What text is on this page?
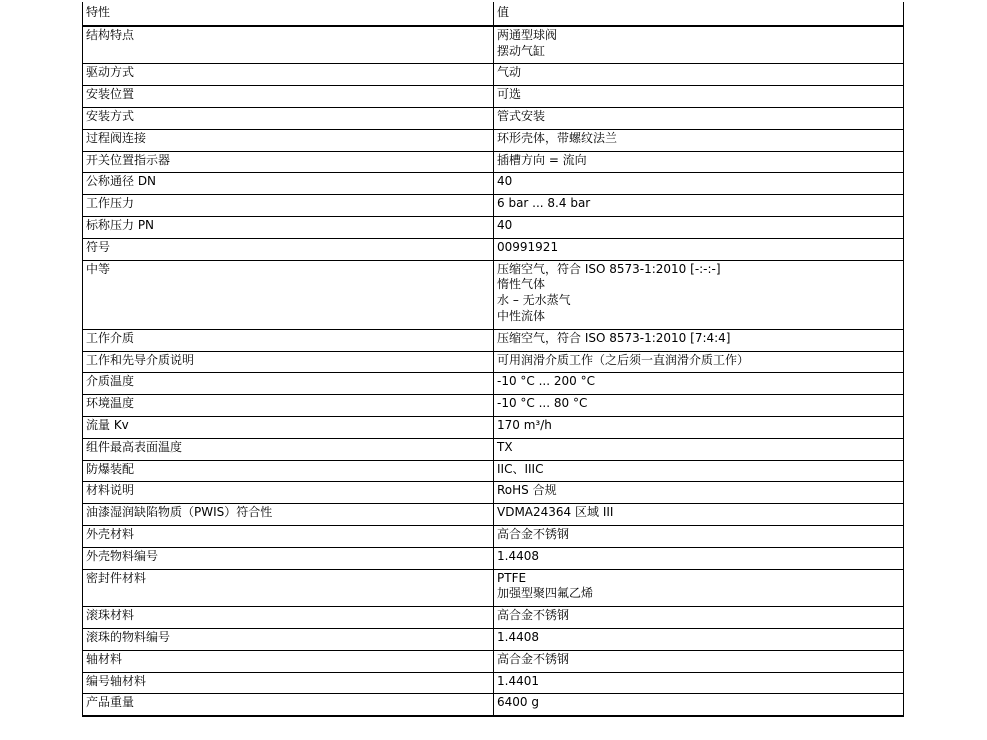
特性	值
结构特点	两通型球阀
摆动气缸

驱动方式	气动

安装位置	可选

安装方式	管式安装

过程阀连接	环形壳体，带螺纹法兰

开关位置指示器	插槽方向 = 流向

公称通径 DN	40

工作压力	6 bar ... 8.4 bar

标称压力 PN	40

符号	00991921

中等	压缩空气，符合 ISO 8573-1:2010 [-:-:-]
惰性气体
水 – 无水蒸气
中性流体

工作介质	压缩空气，符合 ISO 8573-1:2010 [7:4:4]

工作和先导介质说明	可用润滑介质工作（之后须一直润滑介质工作）

介质温度	-10 °C ... 200 °C

环境温度	-10 °C ... 80 °C

流量 Kv	170 m³/h

组件最高表面温度	TX

防爆装配	IIC、IIIC

材料说明	RoHS 合规

油漆湿润缺陷物质（PWIS）符合性	VDMA24364 区域 III

外壳材料	高合金不锈钢

外壳物料编号	1.4408

密封件材料	PTFE
加强型聚四氟乙烯

滚珠材料	高合金不锈钢

滚珠的物料编号	1.4408

轴材料	高合金不锈钢

编号轴材料	1.4401

产品重量	6400 g
